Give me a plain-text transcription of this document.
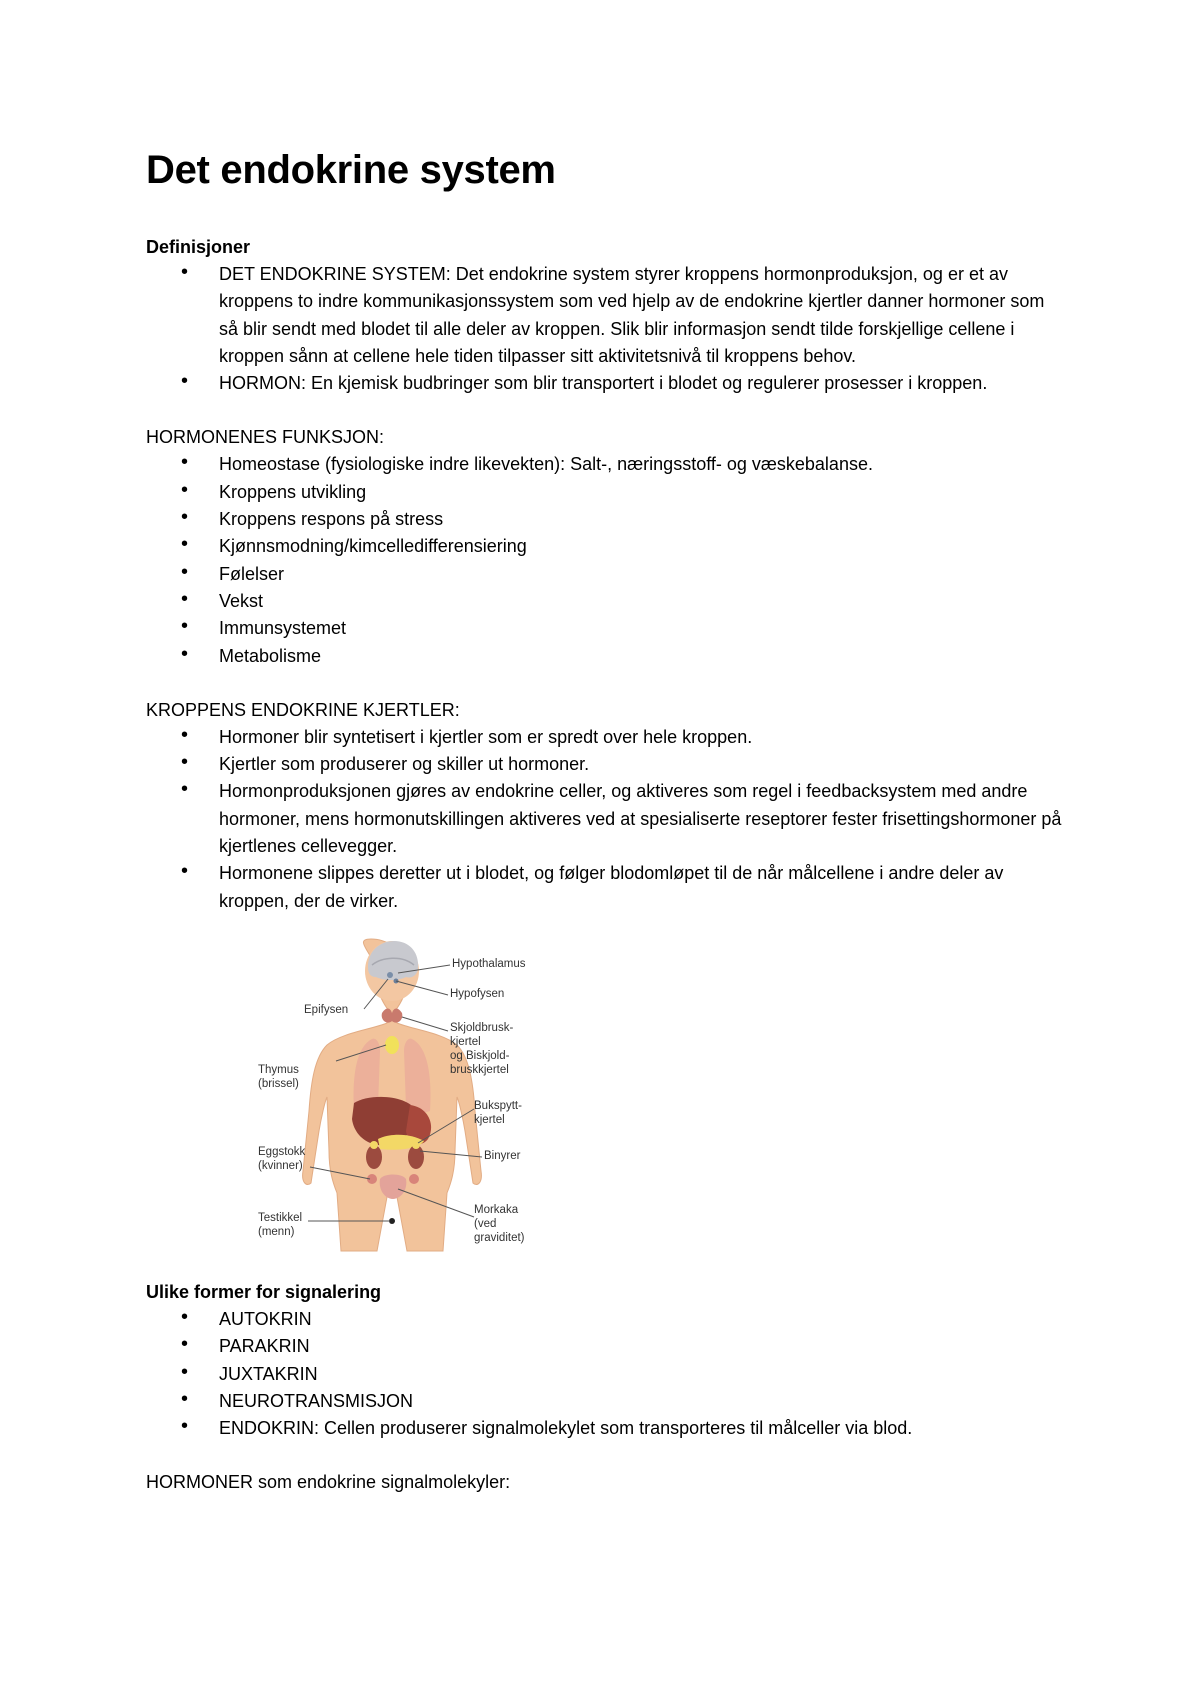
Det endokrine system

Definisjoner

• DET ENDOKRINE SYSTEM: Det endokrine system styrer kroppens hormonproduksjon, og er et av kroppens to indre kommunikasjonssystem som ved hjelp av de endokrine kjertler danner hormoner som så blir sendt med blodet til alle deler av kroppen. Slik blir informasjon sendt tilde forskjellige cellene i kroppen sånn at cellene hele tiden tilpasser sitt aktivitetsnivå til kroppens behov.
• HORMON: En kjemisk budbringer som blir transportert i blodet og regulerer prosesser i kroppen.

HORMONENES FUNKSJON:

• Homeostase (fysiologiske indre likevekten): Salt-, næringsstoff- og væskebalanse.
• Kroppens utvikling
• Kroppens respons på stress
• Kjønnsmodning/kimcelledifferensiering
• Følelser
• Vekst
• Immunsystemet
• Metabolisme

KROPPENS ENDOKRINE KJERTLER:

• Hormoner blir syntetisert i kjertler som er spredt over hele kroppen.
• Kjertler som produserer og skiller ut hormoner.
• Hormonproduksjonen gjøres av endokrine celler, og aktiveres som regel i feedbacksystem med andre hormoner, mens hormonutskillingen aktiveres ved at spesialiserte reseptorer fester frisettingshormoner på kjertlenes cellevegger.
• Hormonene slippes deretter ut i blodet, og følger blodomløpet til de når målcellene i andre deler av kroppen, der de virker.
Hypothalamus
Hypofysen
Epifysen
Skjoldbrusk-
kjertel
og Biskjold-
bruskkjertel
Thymus
(brissel)
Bukspytt-
kjertel
Binyrer
Eggstokk
(kvinner)
Morkaka
(ved
graviditet)
Testikkel
(menn)

Ulike former for signalering

• AUTOKRIN
• PARAKRIN
• JUXTAKRIN
• NEUROTRANSMISJON
• ENDOKRIN: Cellen produserer signalmolekylet som transporteres til målceller via blod.

HORMONER som endokrine signalmolekyler:
